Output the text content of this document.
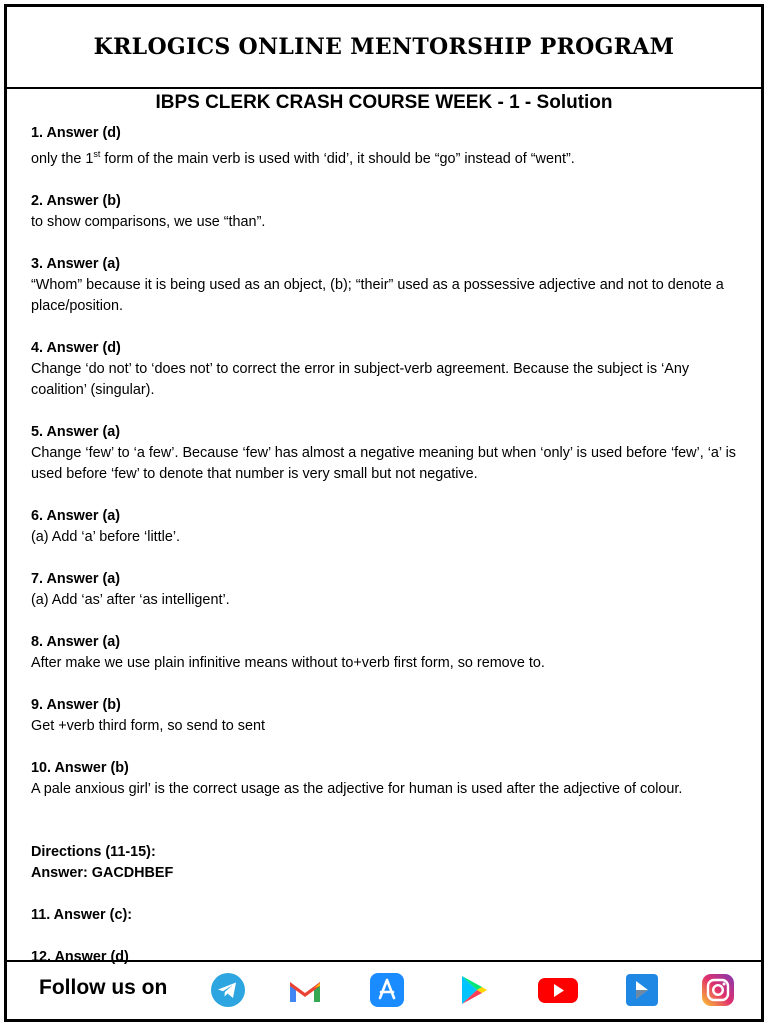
KRLOGICS ONLINE MENTORSHIP PROGRAM
IBPS CLERK CRASH COURSE WEEK - 1 - Solution

1. Answer (d)

only the 1st form of the main verb is used with ‘did’, it should be “go” instead of “went”.

2. Answer (b)

to show comparisons, we use “than”.

3. Answer (a)

“Whom” because it is being used as an object, (b); “their” used as a possessive adjective and not to denote a place/position.

4. Answer (d)

Change ‘do not’ to ‘does not’ to correct the error in subject-verb agreement. Because the subject is ‘Any coalition’ (singular).

5. Answer (a)

Change ‘few’ to ‘a few’. Because ‘few’ has almost a negative meaning but when ‘only’ is used before ‘few’, ‘a’ is used before ‘few’ to denote that number is very small but not negative.

6. Answer (a)

(a) Add ‘a’ before ‘little’.

7. Answer (a)

(a) Add ‘as’ after ‘as intelligent’.

8. Answer (a)

After make we use plain infinitive means without to+verb first form, so remove to.

9. Answer (b)

Get +verb third form, so send to sent

10. Answer (b)

A pale anxious girl’ is the correct usage as the adjective for human is used after the adjective of colour.

Directions (11-15):

Answer: GACDHBEF

11. Answer (c):

12. Answer (d)

Follow us on
